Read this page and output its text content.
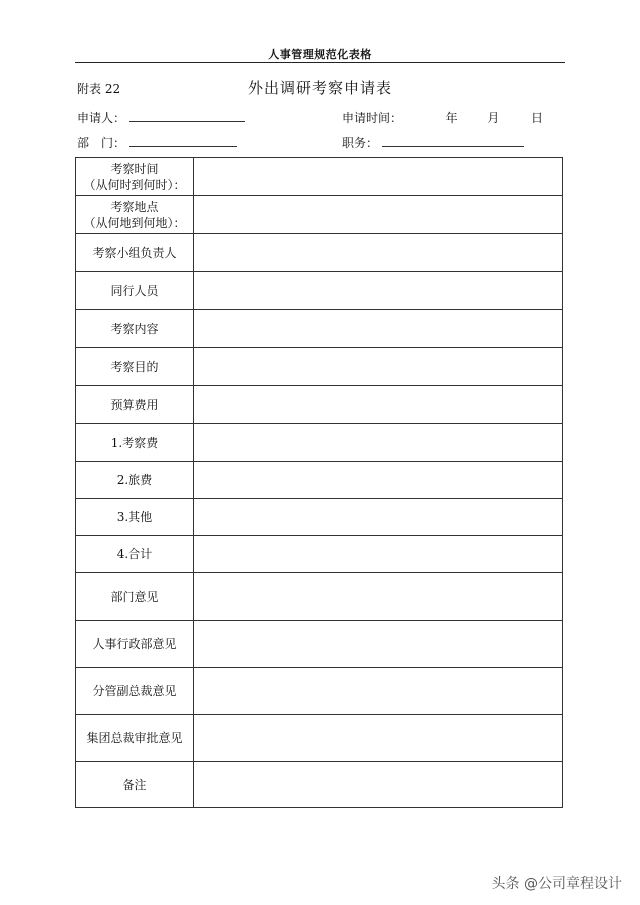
人事管理规范化表格
附表 22	外出调研考察申请表
申请人：	申请时间：	年 月	日
部　门：	职务：
考察时间
（从何时到何时）：	

考察地点
（从何地到何地）：	

考察小组负责人	
同行人员	
考察内容	
考察目的	
预算费用	
1.考察费	
2.旅费	
3.其他	
4.合计	
部门意见	
人事行政部意见	
分管副总裁意见	
集团总裁审批意见	
备注	
头条 @公司章程设计
